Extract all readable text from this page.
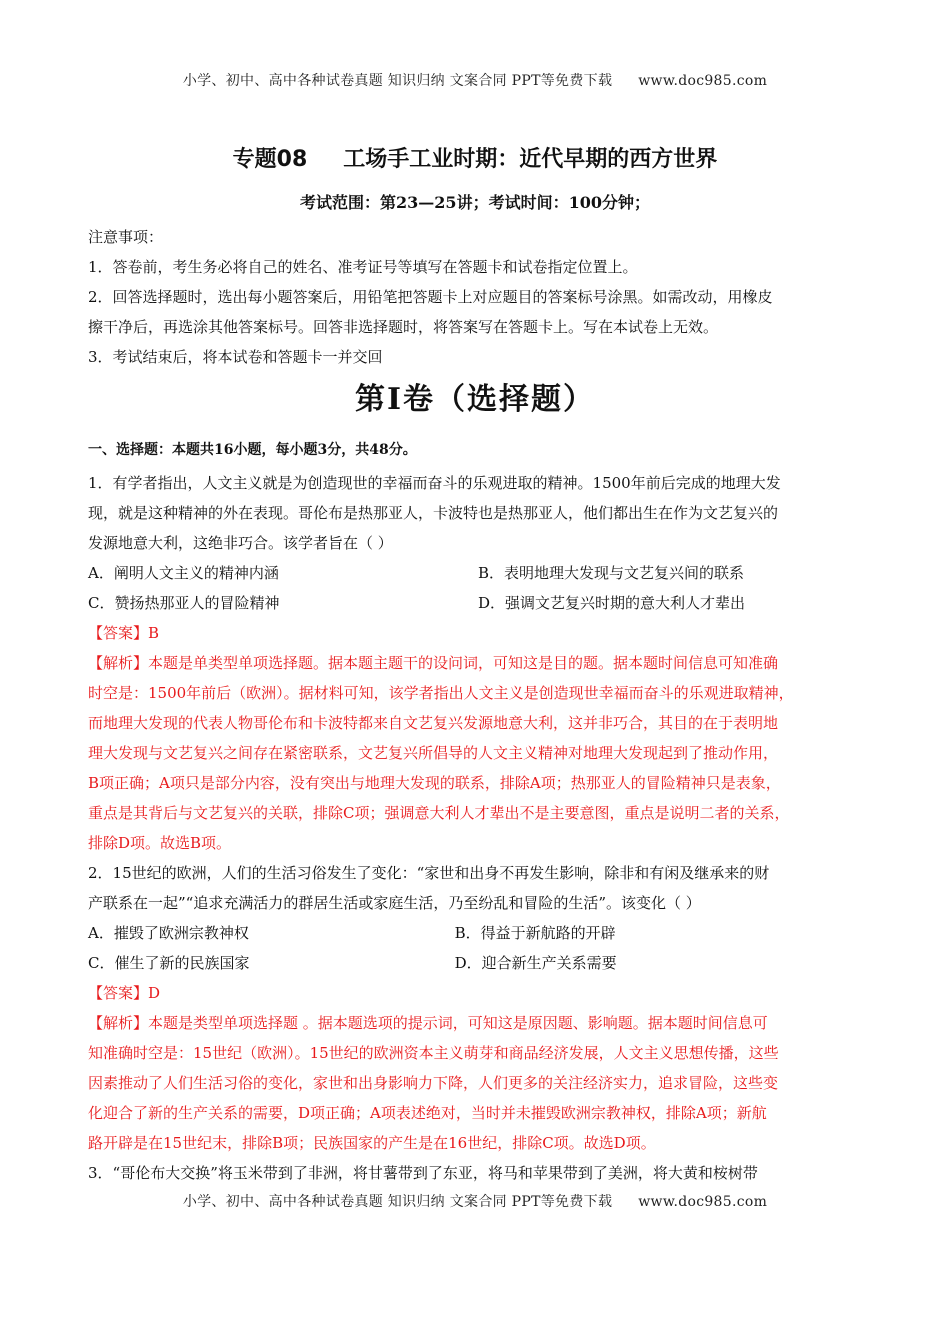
小学、初中、高中各种试卷真题 知识归纳 文案合同 PPT等免费下载 www.doc985.com
专题08 工场手工业时期：近代早期的西方世界
考试范围：第23—25讲；考试时间：100分钟；

注意事项：

1．答卷前，考生务必将自己的姓名、准考证号等填写在答题卡和试卷指定位置上。

2．回答选择题时，选出每小题答案后，用铅笔把答题卡上对应题目的答案标号涂黑。如需改动，用橡皮

擦干净后，再选涂其他答案标号。回答非选择题时，将答案写在答题卡上。写在本试卷上无效。

3．考试结束后，将本试卷和答题卡一并交回

第I卷（选择题）

一、选择题：本题共16小题，每小题3分，共48分。

1．有学者指出，人文主义就是为创造现世的幸福而奋斗的乐观进取的精神。1500年前后完成的地理大发

现，就是这种精神的外在表现。哥伦布是热那亚人，卡波特也是热那亚人，他们都出生在作为文艺复兴的

发源地意大利，这绝非巧合。该学者旨在（ ）

A．阐明人文主义的精神内涵	B．表明地理大发现与文艺复兴间的联系
C．赞扬热那亚人的冒险精神	D．强调文艺复兴时期的意大利人才辈出

【答案】B

【解析】本题是单类型单项选择题。据本题主题干的设问词，可知这是目的题。据本题时间信息可知准确

时空是：1500年前后（欧洲）。据材料可知，该学者指出人文主义是创造现世幸福而奋斗的乐观进取精神，

而地理大发现的代表人物哥伦布和卡波特都来自文艺复兴发源地意大利，这并非巧合，其目的在于表明地

理大发现与文艺复兴之间存在紧密联系，文艺复兴所倡导的人文主义精神对地理大发现起到了推动作用，

B项正确；A项只是部分内容，没有突出与地理大发现的联系，排除A项；热那亚人的冒险精神只是表象，

重点是其背后与文艺复兴的关联，排除C项；强调意大利人才辈出不是主要意图，重点是说明二者的关系，

排除D项。故选B项。

2．15世纪的欧洲，人们的生活习俗发生了变化：“家世和出身不再发生影响，除非和有闲及继承来的财

产联系在一起”“追求充满活力的群居生活或家庭生活，乃至纷乱和冒险的生活”。该变化（ ）

A．摧毁了欧洲宗教神权	B．得益于新航路的开辟
C．催生了新的民族国家	D．迎合新生产关系需要

【答案】D

【解析】本题是类型单项选择题 。据本题选项的提示词，可知这是原因题、影响题。据本题时间信息可

知准确时空是：15世纪（欧洲）。15世纪的欧洲资本主义萌芽和商品经济发展，人文主义思想传播，这些

因素推动了人们生活习俗的变化，家世和出身影响力下降，人们更多的关注经济实力，追求冒险，这些变

化迎合了新的生产关系的需要，D项正确；A项表述绝对，当时并未摧毁欧洲宗教神权，排除A项；新航

路开辟是在15世纪末，排除B项；民族国家的产生是在16世纪，排除C项。故选D项。

3．“哥伦布大交换”将玉米带到了非洲，将甘薯带到了东亚，将马和苹果带到了美洲，将大黄和桉树带

小学、初中、高中各种试卷真题 知识归纳 文案合同 PPT等免费下载 www.doc985.com
